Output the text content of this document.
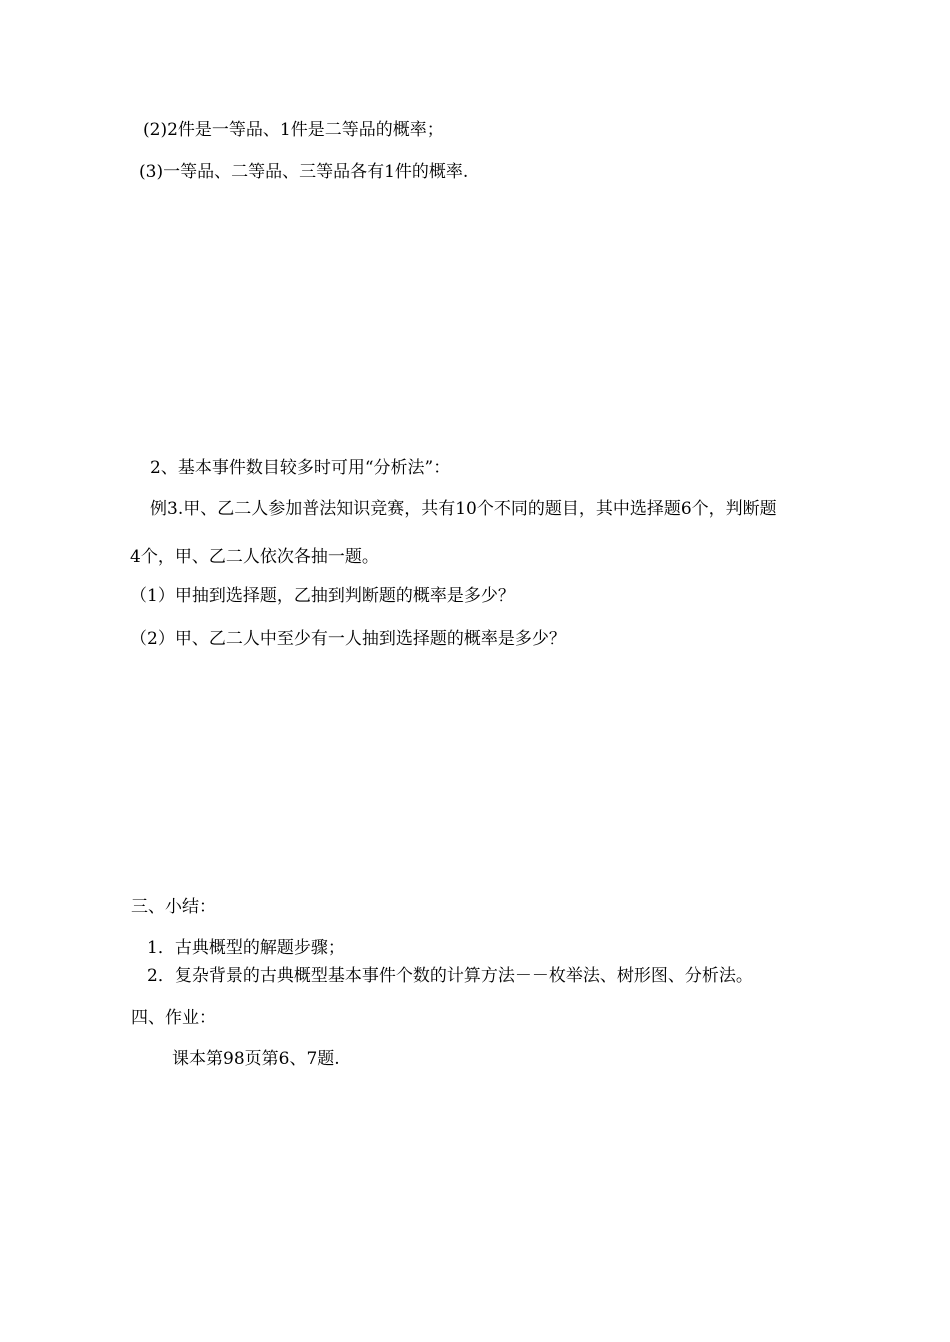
(2)2件是一等品、1件是二等品的概率；
(3)一等品、二等品、三等品各有1件的概率.
2、基本事件数目较多时可用“分析法”：
例3.甲、乙二人参加普法知识竞赛，共有10个不同的题目，其中选择题6个，判断题
4个，甲、乙二人依次各抽一题。
（1）甲抽到选择题，乙抽到判断题的概率是多少？
（2）甲、乙二人中至少有一人抽到选择题的概率是多少？
三、小结：
1．古典概型的解题步骤；
2．复杂背景的古典概型基本事件个数的计算方法－－枚举法、树形图、分析法。
四、作业：
课本第98页第6、7题.
